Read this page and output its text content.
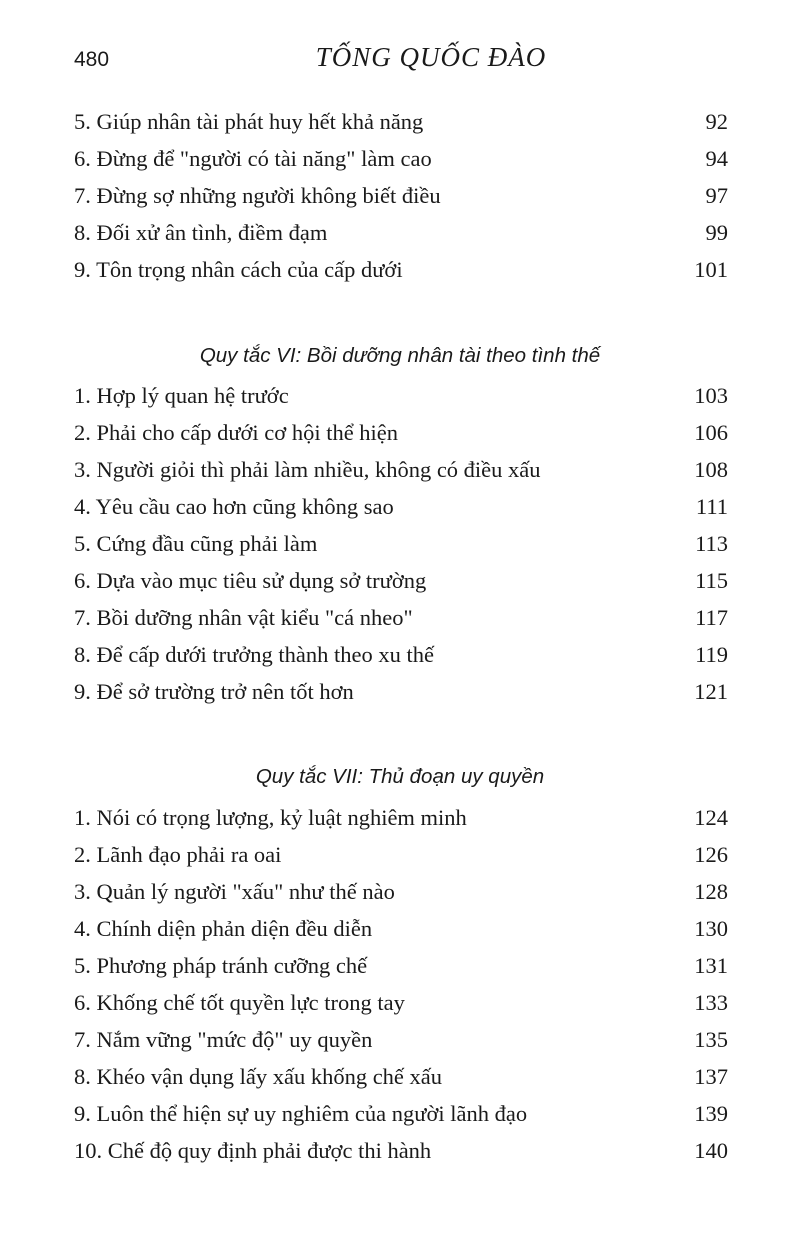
480	TỐNG QUỐC ĐÀO
5. Giúp nhân tài phát huy hết khả năng	92
6. Đừng để "người có tài năng" làm cao	94
7. Đừng sợ những người không biết điều	97
8. Đối xử ân tình, điềm đạm	99
9. Tôn trọng nhân cách của cấp dưới	101
Quy tắc VI: Bồi dưỡng nhân tài theo tình thế
1. Hợp lý quan hệ trước	103
2. Phải cho cấp dưới cơ hội thể hiện	106
3. Người giỏi thì phải làm nhiều, không có điều xấu	108
4. Yêu cầu cao hơn cũng không sao	111
5. Cứng đầu cũng phải làm	113
6. Dựa vào mục tiêu sử dụng sở trường	115
7. Bồi dưỡng nhân vật kiểu "cá nheo"	117
8. Để cấp dưới trưởng thành theo xu thế	119
9. Để sở trường trở nên tốt hơn	121
Quy tắc VII: Thủ đoạn uy quyền
1. Nói có trọng lượng, kỷ luật nghiêm minh	124
2. Lãnh đạo phải ra oai	126
3. Quản lý người "xấu" như thế nào	128
4. Chính diện phản diện đều diễn	130
5. Phương pháp tránh cưỡng chế	131
6. Khống chế tốt quyền lực trong tay	133
7. Nắm vững "mức độ" uy quyền	135
8. Khéo vận dụng lấy xấu khống chế xấu	137
9. Luôn thể hiện sự uy nghiêm của người lãnh đạo	139
10. Chế độ quy định phải được thi hành	140
